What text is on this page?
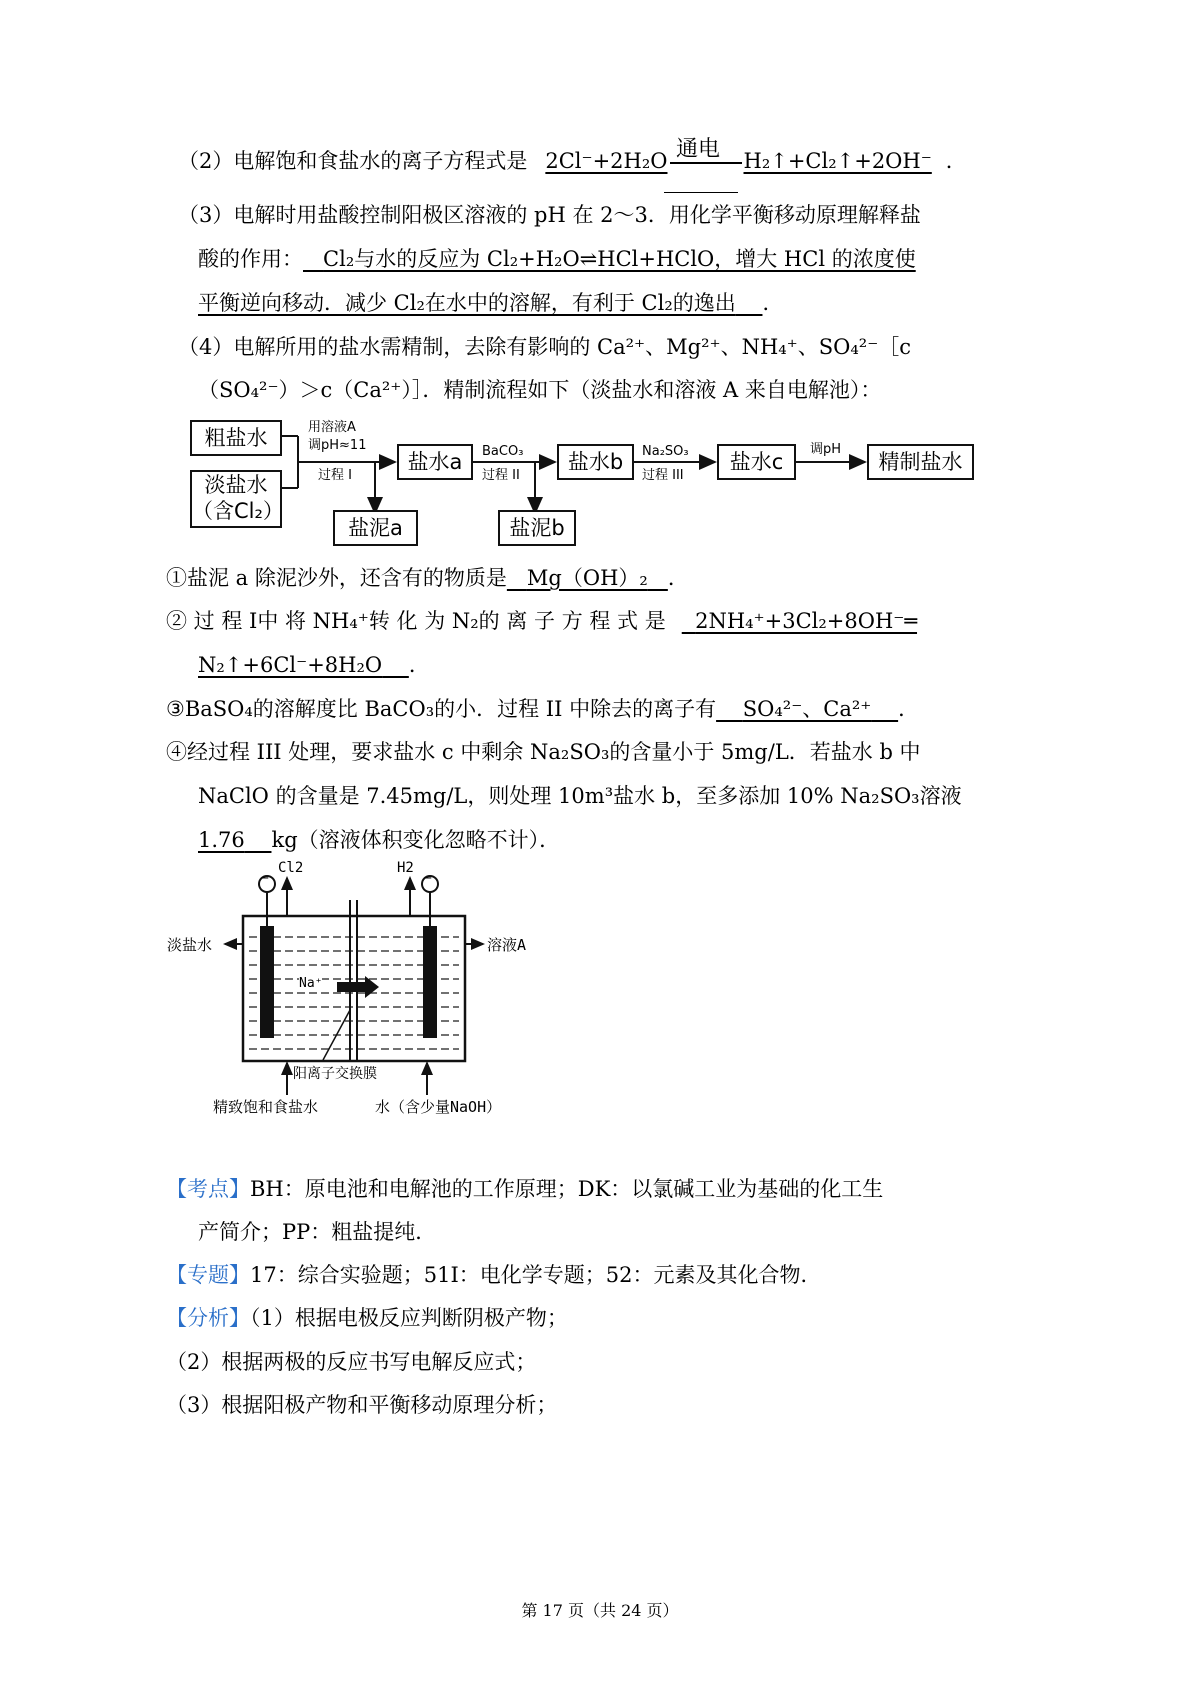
（2）电解饱和食盐水的离子方程式是 2Cl⁻+2H₂O	H₂↑+Cl₂↑+2OH⁻ ．
通电
（3）电解时用盐酸控制阳极区溶液的 pH 在 2～3．用化学平衡移动原理解释盐
酸的作用： Cl₂与水的反应为 Cl₂+H₂O⇌HCl+HClO，增大 HCl 的浓度使
平衡逆向移动．减少 Cl₂在水中的溶解，有利于 Cl₂的逸出 ．
（4）电解所用的盐水需精制，去除有影响的 Ca²⁺、Mg²⁺、NH₄⁺、SO₄²⁻［c
（SO₄²⁻）＞c（Ca²⁺）］．精制流程如下（淡盐水和溶液 A 来自电解池）：
粗盐水
淡盐水
（含Cl₂）
用溶液A
调pH≈11
过程 I
盐水a	BaCO₃
过程 II
盐水b	Na₂SO₃
过程 III
盐水c
调pH
精制盐水
盐泥a	盐泥b
①盐泥 a 除泥沙外，还含有的物质是 Mg（OH）₂ ．
② 过 程 I中 将 NH₄⁺转 化 为 N₂的 离 子 方 程 式 是 2NH₄⁺+3Cl₂+8OH⁻═
N₂↑+6Cl⁻+8H₂O ．
③BaSO₄的溶解度比 BaCO₃的小．过程 II 中除去的离子有 SO₄²⁻、Ca²⁺ ．
④经过程 III 处理，要求盐水 c 中剩余 Na₂SO₃的含量小于 5mg/L．若盐水 b 中
NaClO 的含量是 7.45mg/L，则处理 10m³盐水 b，至多添加 10% Na₂SO₃溶液
1.76 kg（溶液体积变化忽略不计）．
−	−
Cl2	H2
淡盐水	溶液A
Na⁺
阳离子交换膜
精致饱和食盐水	水（含少量NaOH）
【考点】BH：原电池和电解池的工作原理；DK：以氯碱工业为基础的化工生
产简介；PP：粗盐提纯．
【专题】17：综合实验题；51I：电化学专题；52：元素及其化合物．
【分析】（1）根据电极反应判断阴极产物；
（2）根据两极的反应书写电解反应式；
（3）根据阳极产物和平衡移动原理分析；
第 17 页（共 24 页）
